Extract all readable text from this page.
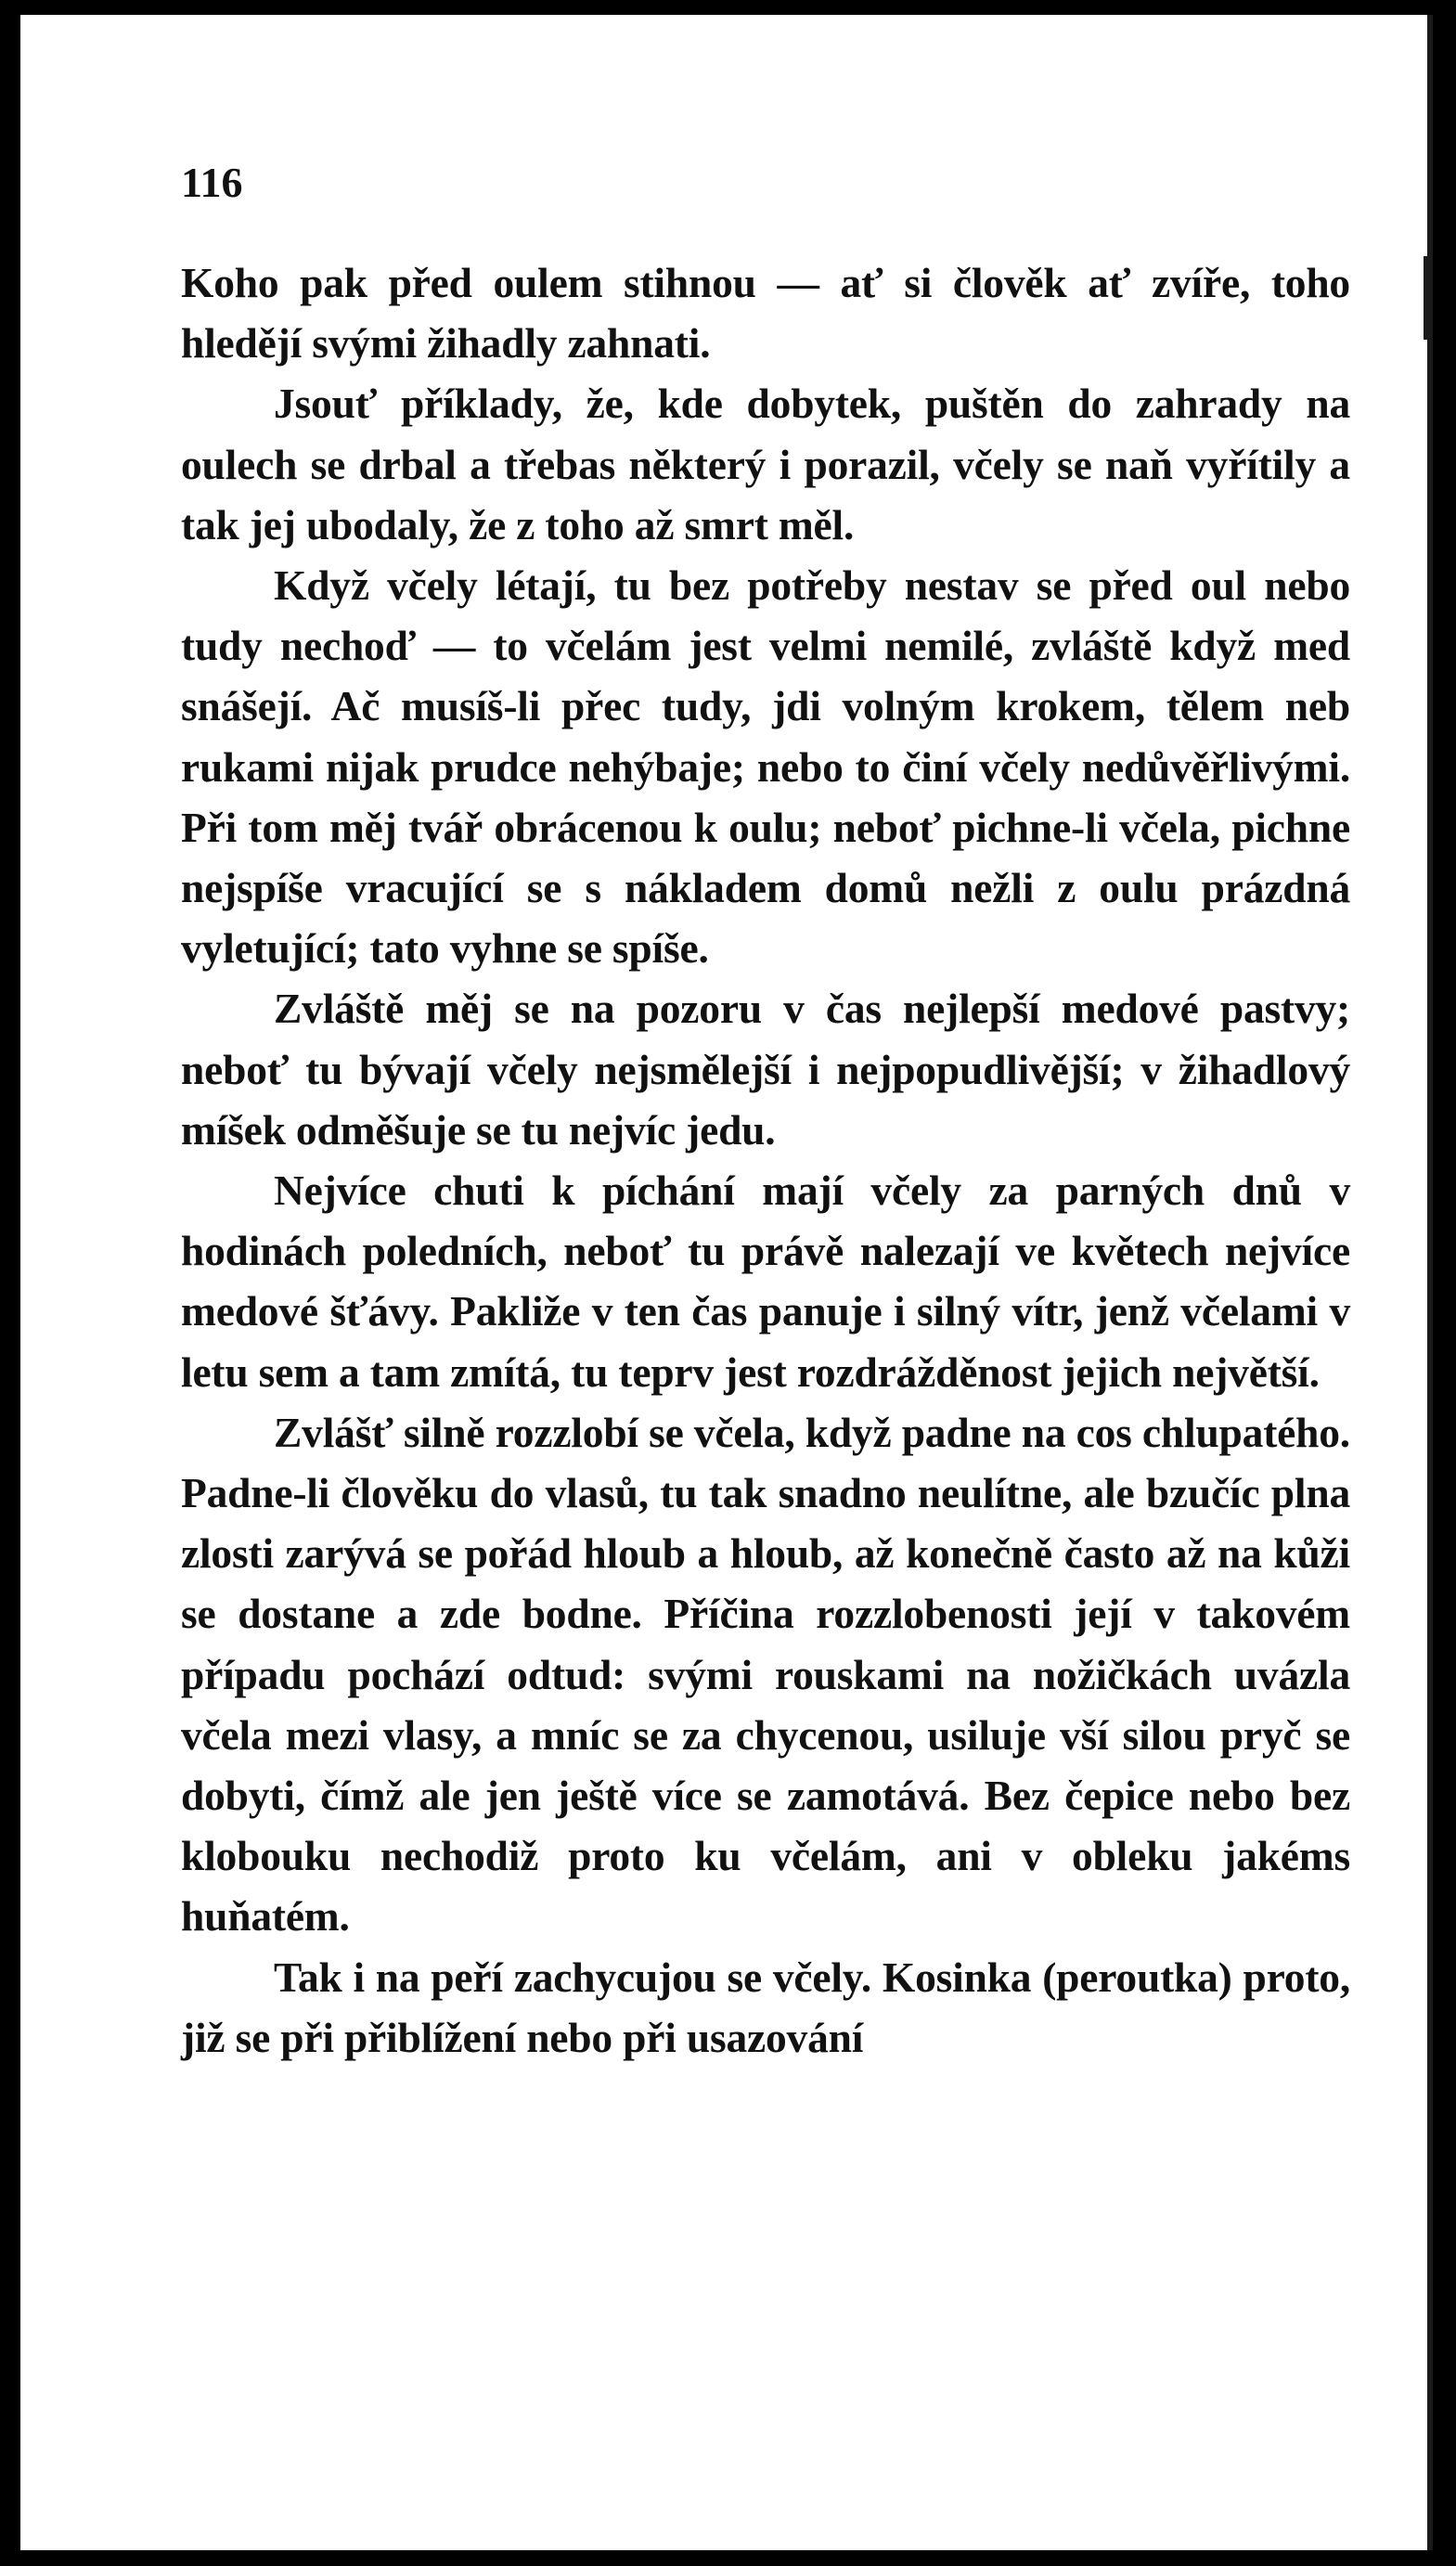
116

Koho pak před oulem stihnou — ať si člověk ať zvíře, toho hledějí svými žihadly zahnati.

Jsouť příklady, že, kde dobytek, puštěn do zahrady na oulech se drbal a třebas některý i porazil, včely se naň vyřítily a tak jej ubodaly, že z toho až smrt měl.

Když včely létají, tu bez potřeby nestav se před oul nebo tudy nechoď — to včelám jest velmi nemilé, zvláště když med snášejí. Ač musíš-li přec tudy, jdi volným krokem, tělem neb rukami nijak prudce nehýbaje; nebo to činí včely nedůvěřlivými. Při tom měj tvář obrácenou k oulu; neboť pichne-li včela, pichne nejspíše vracující se s nákladem domů nežli z oulu prázdná vyletující; tato vyhne se spíše.

Zvláště měj se na pozoru v čas nejlepší medové pastvy; neboť tu bývají včely nejsmělejší i nejpopudlivější; v žihadlový míšek odměšuje se tu nejvíc jedu.

Nejvíce chuti k píchání mají včely za parných dnů v hodinách poledních, neboť tu právě nalezají ve květech nejvíce medové šťávy. Pakliže v ten čas panuje i silný vítr, jenž včelami v letu sem a tam zmítá, tu teprv jest rozdrážděnost jejich největší.

Zvlášť silně rozzlobí se včela, když padne na cos chlupatého. Padne-li člověku do vlasů, tu tak snadno neulítne, ale bzučíc plna zlosti zarývá se pořád hloub a hloub, až konečně často až na kůži se dostane a zde bodne. Příčina rozzlobenosti její v takovém případu pochází odtud: svými rouskami na nožičkách uvázla včela mezi vlasy, a mníc se za chycenou, usiluje vší silou pryč se dobyti, čímž ale jen ještě více se zamotává. Bez čepice nebo bez klobouku nechodiž proto ku včelám, ani v obleku jakéms huňatém.

Tak i na peří zachycujou se včely. Kosinka (peroutka) proto, již se při přiblížení nebo při usazování
